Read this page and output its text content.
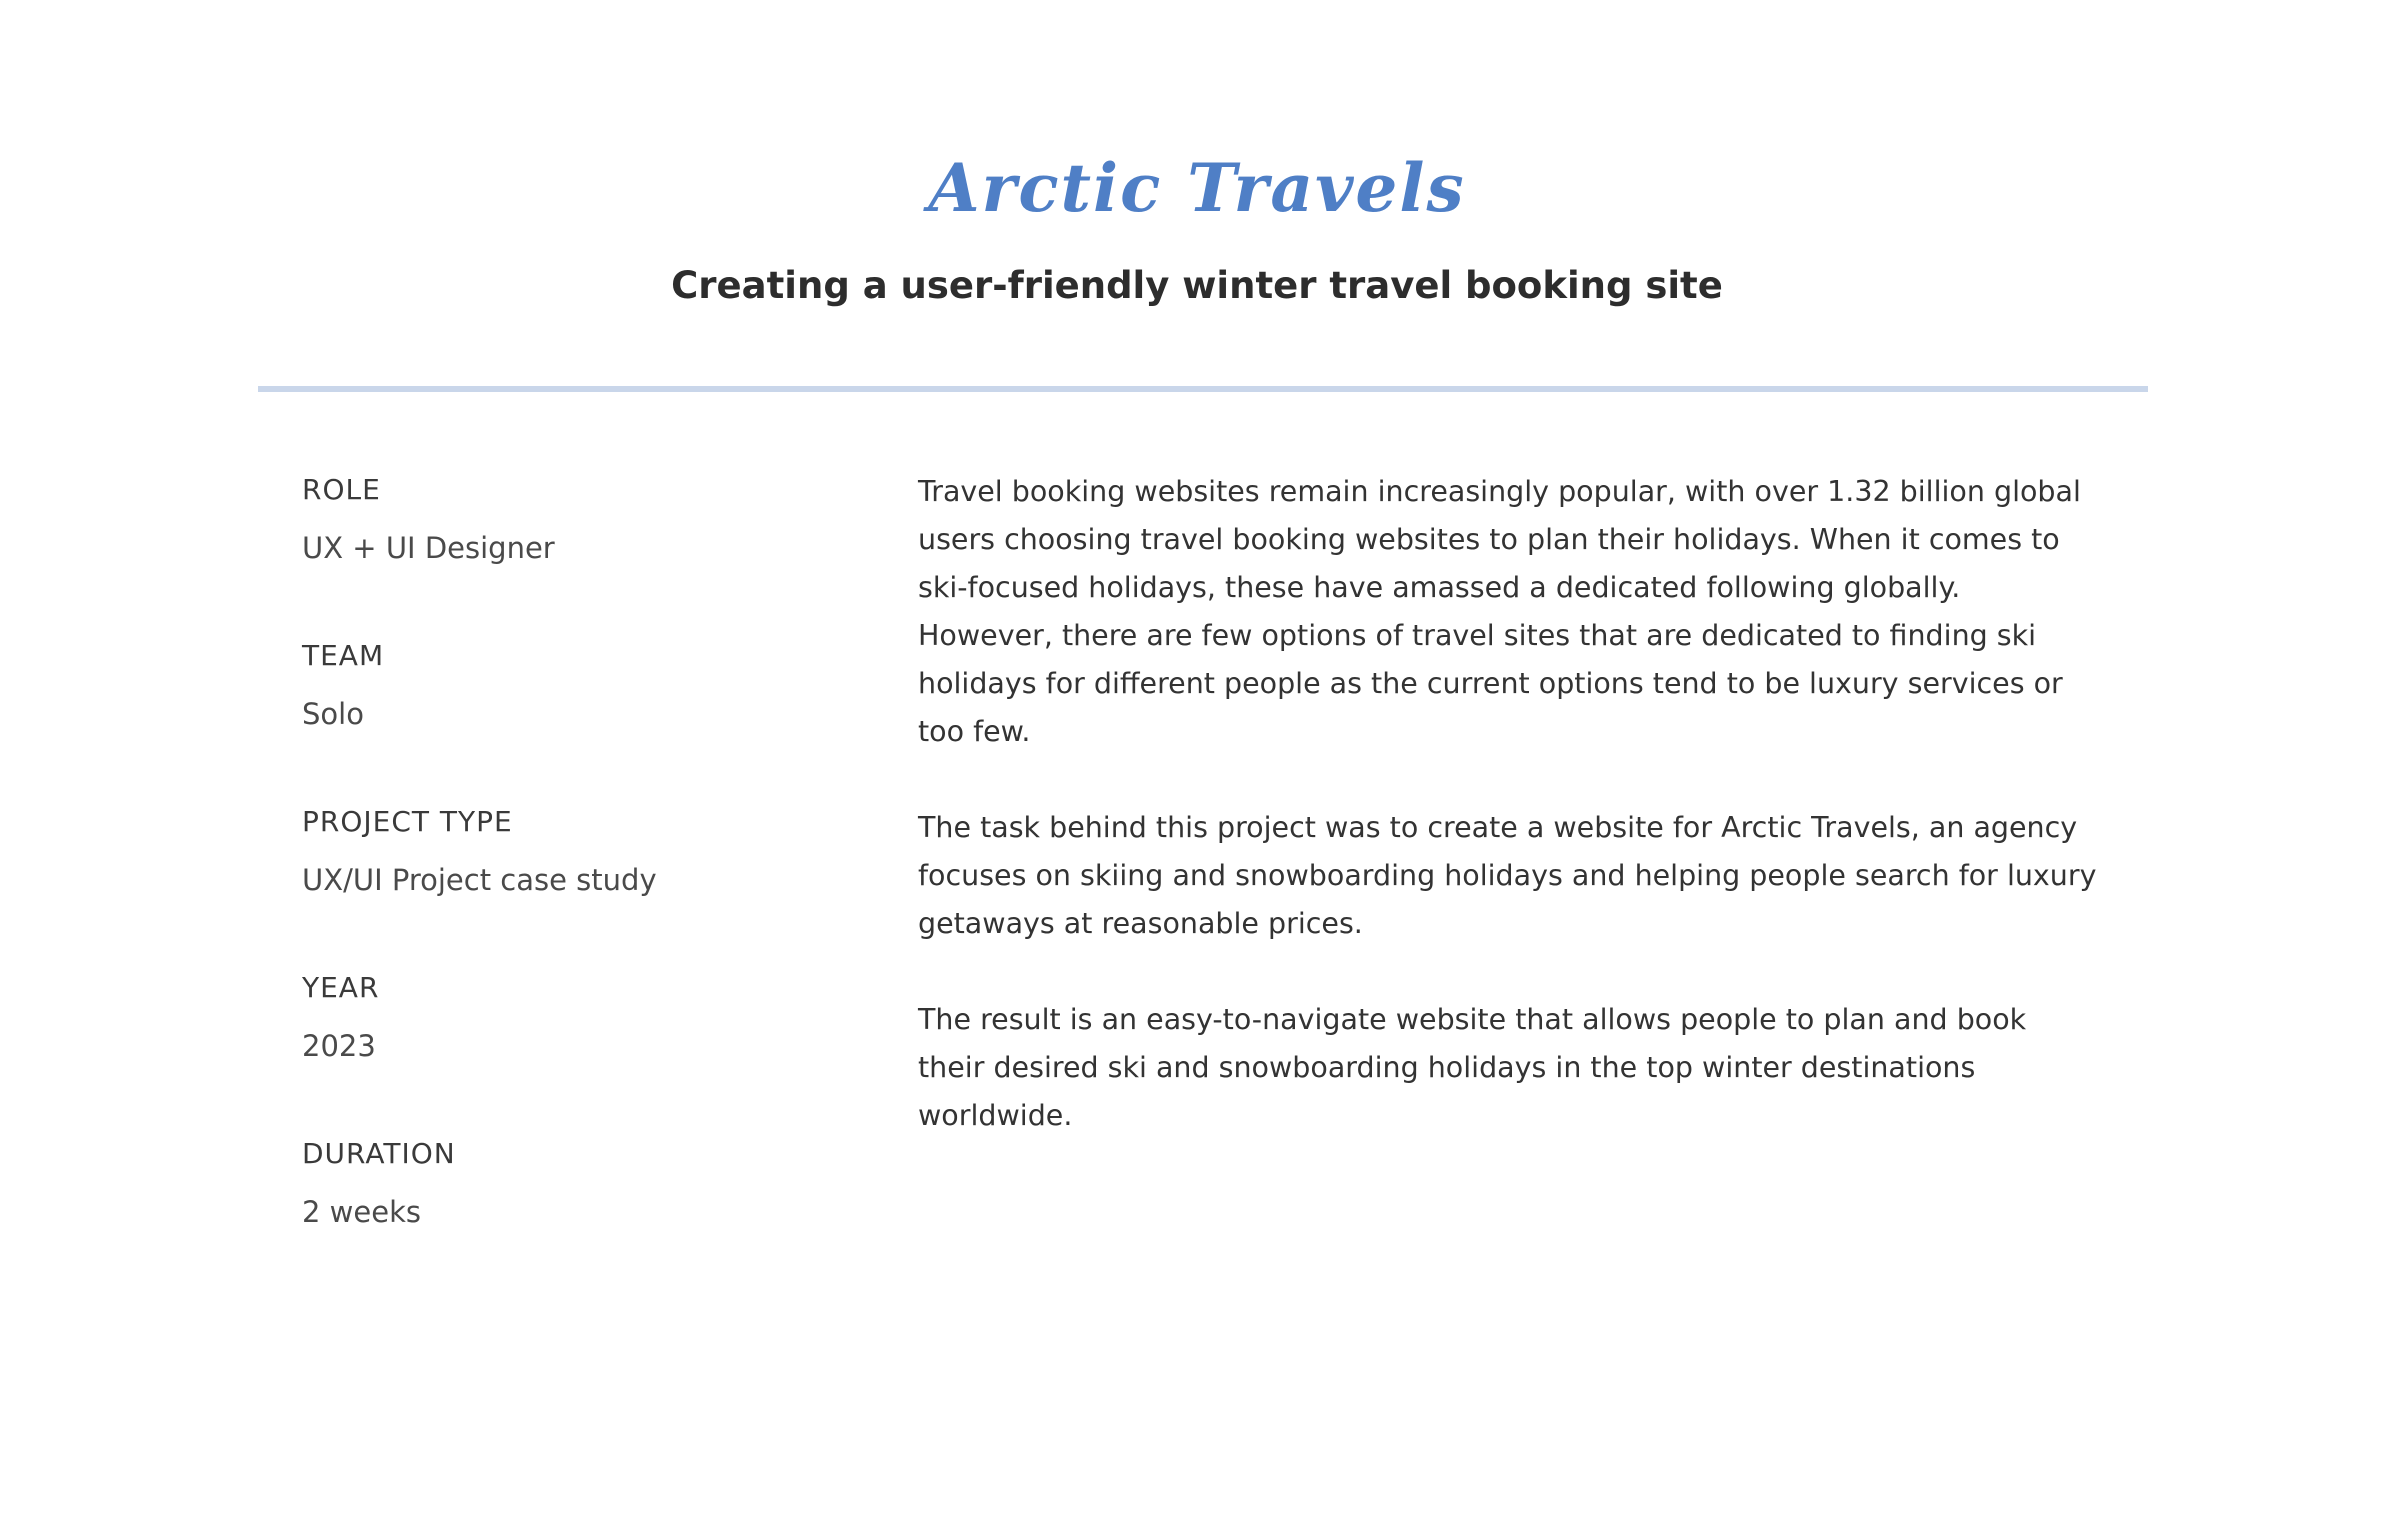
Arctic Travels
Creating a user-friendly winter travel booking site
ROLE
UX + UI Designer
TEAM
Solo
PROJECT TYPE
UX/UI Project case study
YEAR
2023
DURATION
2 weeks

Travel booking websites remain increasingly popular, with over 1.32 billion global users choosing travel booking websites to plan their holidays. When it comes to ski-focused holidays, these have amassed a dedicated following globally. However, there are few options of travel sites that are dedicated to finding ski holidays for different people as the current options tend to be luxury services or too few.

The task behind this project was to create a website for Arctic Travels, an agency focuses on skiing and snowboarding holidays and helping people search for luxury getaways at reasonable prices.

The result is an easy-to-navigate website that allows people to plan and book their desired ski and snowboarding holidays in the top winter destinations worldwide.
